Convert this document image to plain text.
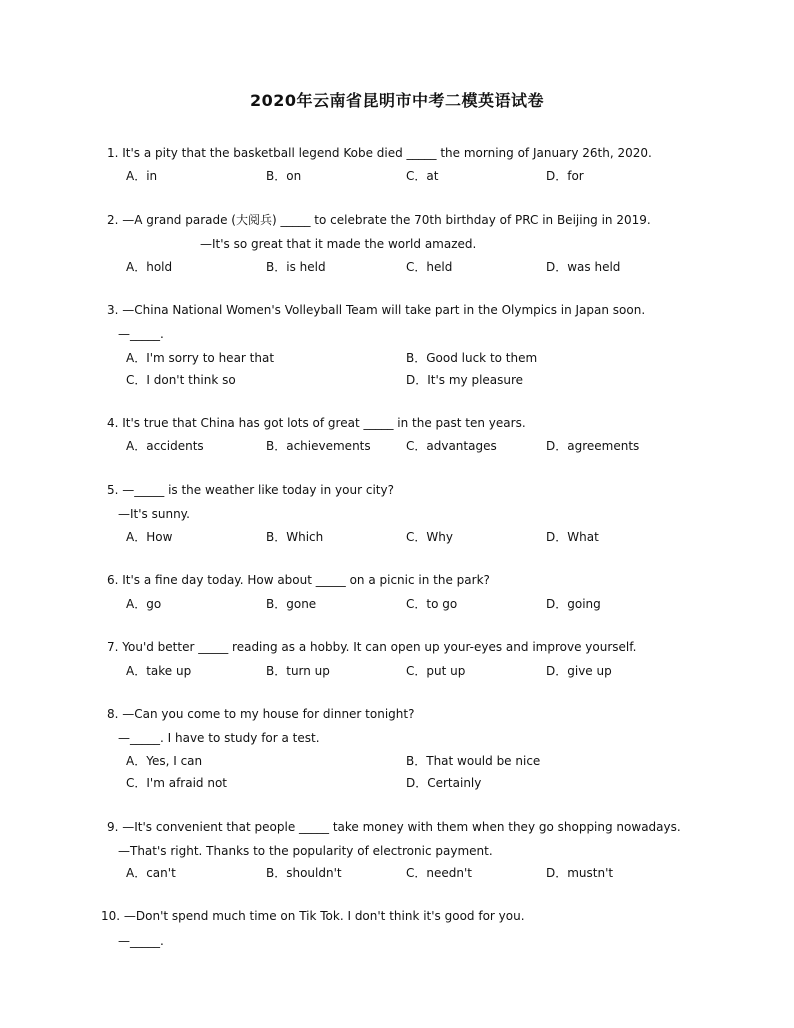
2020年云南省昆明市中考二模英语试卷
1. It's a pity that the basketball legend Kobe died _____ the morning of January 26th, 2020.
A．in	B．on	C．at	D．for
2. —A grand parade (大阅兵) _____ to celebrate the 70th birthday of PRC in Beijing in 2019.
—It's so great that it made the world amazed.
A．hold	B．is held	C．held	D．was held
3. —China National Women's Volleyball Team will take part in the Olympics in Japan soon.
—_____.
A．I'm sorry to hear that	B．Good luck to them
C．I don't think so	D．It's my pleasure
4. It's true that China has got lots of great _____ in the past ten years.
A．accidents	B．achievements	C．advantages	D．agreements
5. —_____ is the weather like today in your city?
—It's sunny.
A．How	B．Which	C．Why	D．What
6. It's a fine day today. How about _____ on a picnic in the park?
A．go	B．gone	C．to go	D．going
7. You'd better _____ reading as a hobby. It can open up your-eyes and improve yourself.
A．take up	B．turn up	C．put up	D．give up
8. —Can you come to my house for dinner tonight?
—_____. I have to study for a test.
A．Yes, I can	B．That would be nice
C．I'm afraid not	D．Certainly
9. —It's convenient that people _____ take money with them when they go shopping nowadays.
—That's right. Thanks to the popularity of electronic payment.
A．can't	B．shouldn't	C．needn't	D．mustn't
10. —Don't spend much time on Tik Tok. I don't think it's good for you.
—_____.
